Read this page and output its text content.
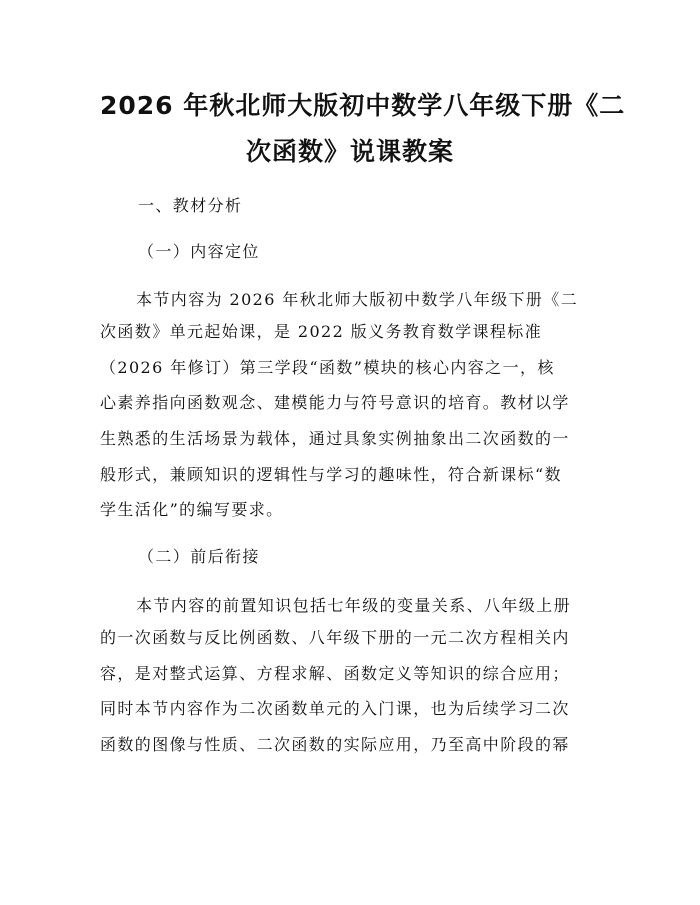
2026 年秋北师大版初中数学八年级下册《二
次函数》说课教案
一、教材分析
（一）内容定位
本节内容为 2026 年秋北师大版初中数学八年级下册《二
次函数》单元起始课，是 2022 版义务教育数学课程标准
（2026 年修订）第三学段“函数”模块的核心内容之一，核
心素养指向函数观念、建模能力与符号意识的培育。教材以学
生熟悉的生活场景为载体，通过具象实例抽象出二次函数的一
般形式，兼顾知识的逻辑性与学习的趣味性，符合新课标“数
学生活化”的编写要求。
（二）前后衔接
本节内容的前置知识包括七年级的变量关系、八年级上册
的一次函数与反比例函数、八年级下册的一元二次方程相关内
容，是对整式运算、方程求解、函数定义等知识的综合应用；
同时本节内容作为二次函数单元的入门课，也为后续学习二次
函数的图像与性质、二次函数的实际应用，乃至高中阶段的幂
